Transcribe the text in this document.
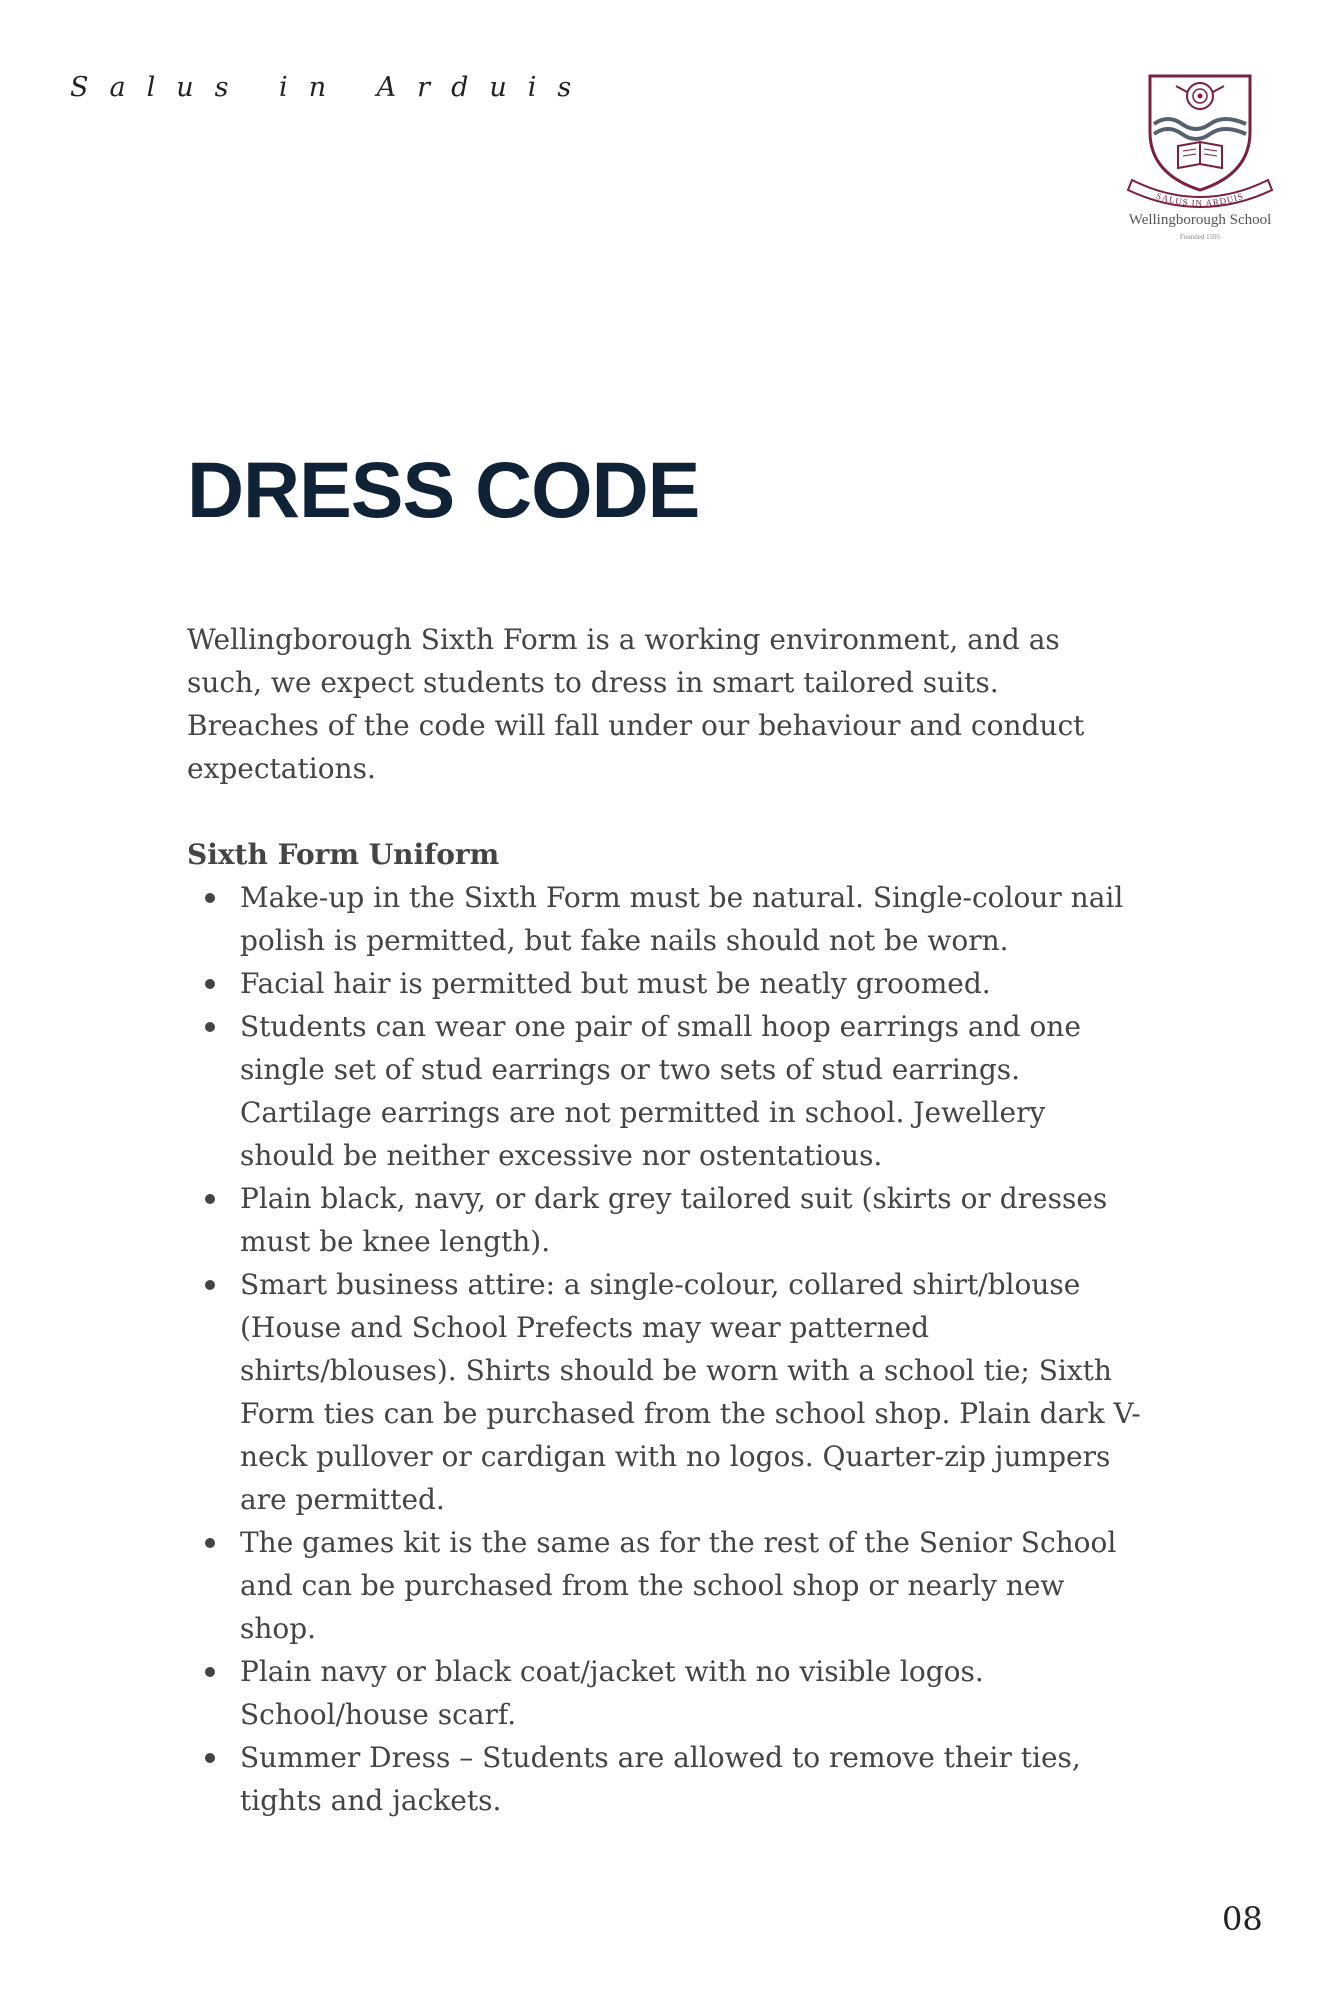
Salus in Arduis
SALUS IN ARDUIS
Wellingborough School
Founded 1595
DRESS CODE

Wellingborough Sixth Form is a working environment, and as such, we expect students to dress in smart tailored suits. Breaches of the code will fall under our behaviour and conduct expectations.

Sixth Form Uniform

Make-up in the Sixth Form must be natural. Single-colour nail polish is permitted, but fake nails should not be worn.
Facial hair is permitted but must be neatly groomed.
Students can wear one pair of small hoop earrings and one single set of stud earrings or two sets of stud earrings. Cartilage earrings are not permitted in school. Jewellery should be neither excessive nor ostentatious.
Plain black, navy, or dark grey tailored suit (skirts or dresses must be knee length).
Smart business attire: a single-colour, collared shirt/blouse (House and School Prefects may wear patterned shirts/blouses). Shirts should be worn with a school tie; Sixth Form ties can be purchased from the school shop. Plain dark V-neck pullover or cardigan with no logos. Quarter-zip jumpers are permitted.
The games kit is the same as for the rest of the Senior School and can be purchased from the school shop or nearly new shop.
Plain navy or black coat/jacket with no visible logos. School/house scarf.
Summer Dress – Students are allowed to remove their ties, tights and jackets.
08
